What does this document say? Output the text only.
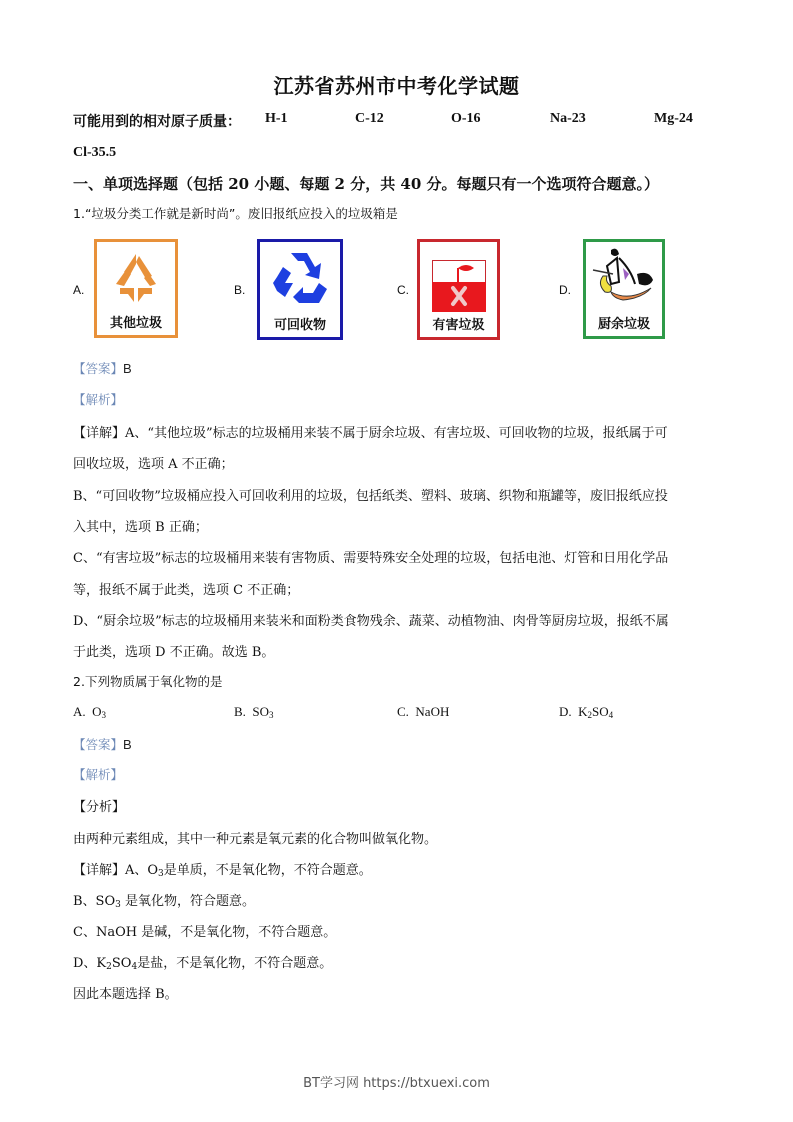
江苏省苏州市中考化学试题
可能用到的相对原子质量： H-1	C-12	O-16	Na-23	Mg-24
Cl-35.5
一、单项选择题（包括 20 小题、每题 2 分，共 40 分。每题只有一个选项符合题意。）
1.“垃圾分类工作就是新时尚”。废旧报纸应投入的垃圾箱是
A.
其他垃圾
B.
可回收物
C.
有害垃圾
D.
厨余垃圾
【答案】B
【解析】
【详解】A、“其他垃圾”标志的垃圾桶用来装不属于厨余垃圾、有害垃圾、可回收物的垃圾，报纸属于可
回收垃圾，选项 A 不正确；
B、“可回收物”垃圾桶应投入可回收利用的垃圾，包括纸类、塑料、玻璃、织物和瓶罐等，废旧报纸应投
入其中，选项 B 正确；
C、“有害垃圾”标志的垃圾桶用来装有害物质、需要特殊安全处理的垃圾，包括电池、灯管和日用化学品
等，报纸不属于此类，选项 C 不正确；
D、“厨余垃圾”标志的垃圾桶用来装米和面粉类食物残余、蔬菜、动植物油、肉骨等厨房垃圾，报纸不属
于此类，选项 D 不正确。故选 B。
2.下列物质属于氧化物的是
A. $O_3$	B. $SO_3$	C. NaOH	D. $K_2SO_4$
【答案】B
【解析】
【分析】
由两种元素组成，其中一种元素是氧元素的化合物叫做氧化物。
【详解】A、$O_3$是单质，不是氧化物，不符合题意。
B、$SO_3$ 是氧化物，符合题意。
C、NaOH 是碱，不是氧化物，不符合题意。
D、$K_2SO_4$是盐，不是氧化物，不符合题意。
因此本题选择 B。
BT学习网 https://btxuexi.com
